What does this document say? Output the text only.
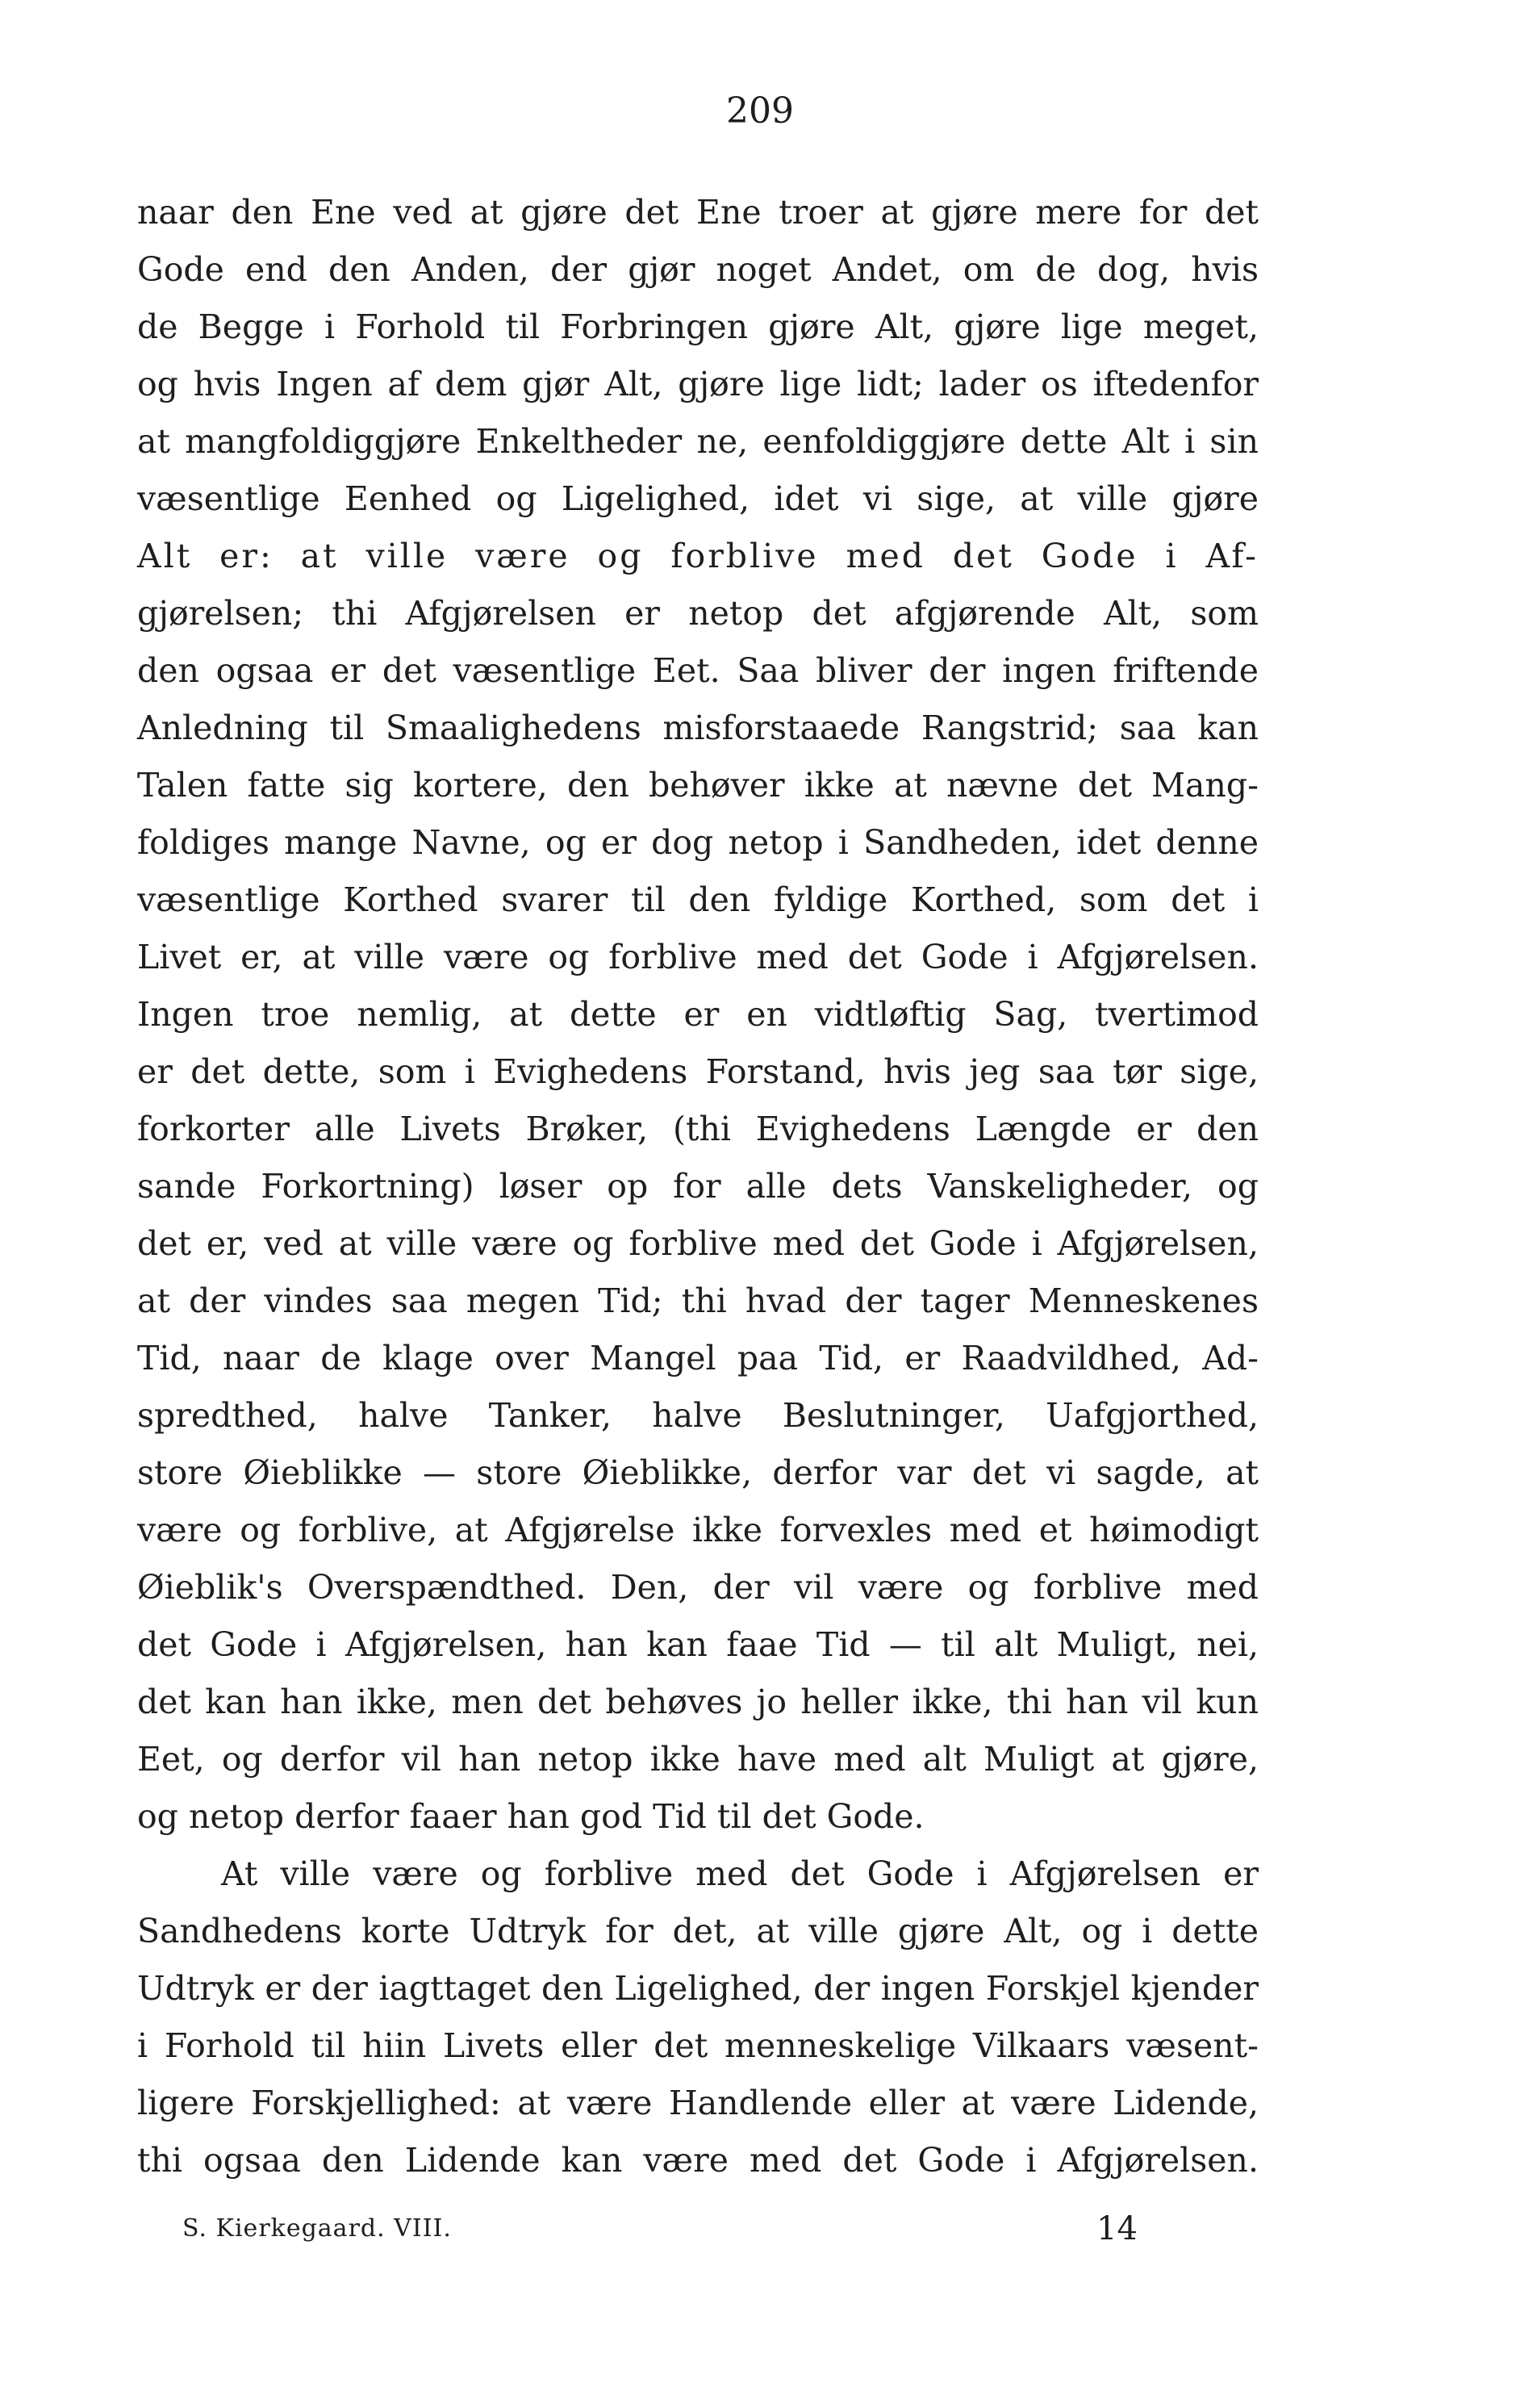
209
naar den Ene ved at gjøre det Ene troer at gjøre mere for det
Gode end den Anden, der gjør noget Andet, om de dog, hvis
de Begge i Forhold til Forbringen gjøre Alt, gjøre lige meget,
og hvis Ingen af dem gjør Alt, gjøre lige lidt; lader os iftedenfor
at mangfoldiggjøre Enkeltheder ne, eenfoldiggjøre dette Alt i sin
væsentlige Eenhed og Ligelighed, idet vi sige, at ville gjøre
Alt er: at ville være og forblive med det Gode i Af-
gjørelsen; thi Afgjørelsen er netop det afgjørende Alt, som
den ogsaa er det væsentlige Eet. Saa bliver der ingen friftende
Anledning til Smaalighedens misforstaaede Rangstrid; saa kan
Talen fatte sig kortere, den behøver ikke at nævne det Mang-
foldiges mange Navne, og er dog netop i Sandheden, idet denne
væsentlige Korthed svarer til den fyldige Korthed, som det i
Livet er, at ville være og forblive med det Gode i Afgjørelsen.
Ingen troe nemlig, at dette er en vidtløftig Sag, tvertimod
er det dette, som i Evighedens Forstand, hvis jeg saa tør sige,
forkorter alle Livets Brøker, (thi Evighedens Længde er den
sande Forkortning) løser op for alle dets Vanskeligheder, og
det er, ved at ville være og forblive med det Gode i Afgjørelsen,
at der vindes saa megen Tid; thi hvad der tager Menneskenes
Tid, naar de klage over Mangel paa Tid, er Raadvildhed, Ad-
spredthed, halve Tanker, halve Beslutninger, Uafgjorthed,
store Øieblikke — store Øieblikke, derfor var det vi sagde, at
være og forblive, at Afgjørelse ikke forvexles med et høimodigt
Øieblik's Overspændthed. Den, der vil være og forblive med
det Gode i Afgjørelsen, han kan faae Tid — til alt Muligt, nei,
det kan han ikke, men det behøves jo heller ikke, thi han vil kun
Eet, og derfor vil han netop ikke have med alt Muligt at gjøre,
og netop derfor faaer han god Tid til det Gode.
At ville være og forblive med det Gode i Afgjørelsen er
Sandhedens korte Udtryk for det, at ville gjøre Alt, og i dette
Udtryk er der iagttaget den Ligelighed, der ingen Forskjel kjender
i Forhold til hiin Livets eller det menneskelige Vilkaars væsent-
ligere Forskjellighed: at være Handlende eller at være Lidende,
thi ogsaa den Lidende kan være med det Gode i Afgjørelsen.
S. Kierkegaard. VIII.	14
